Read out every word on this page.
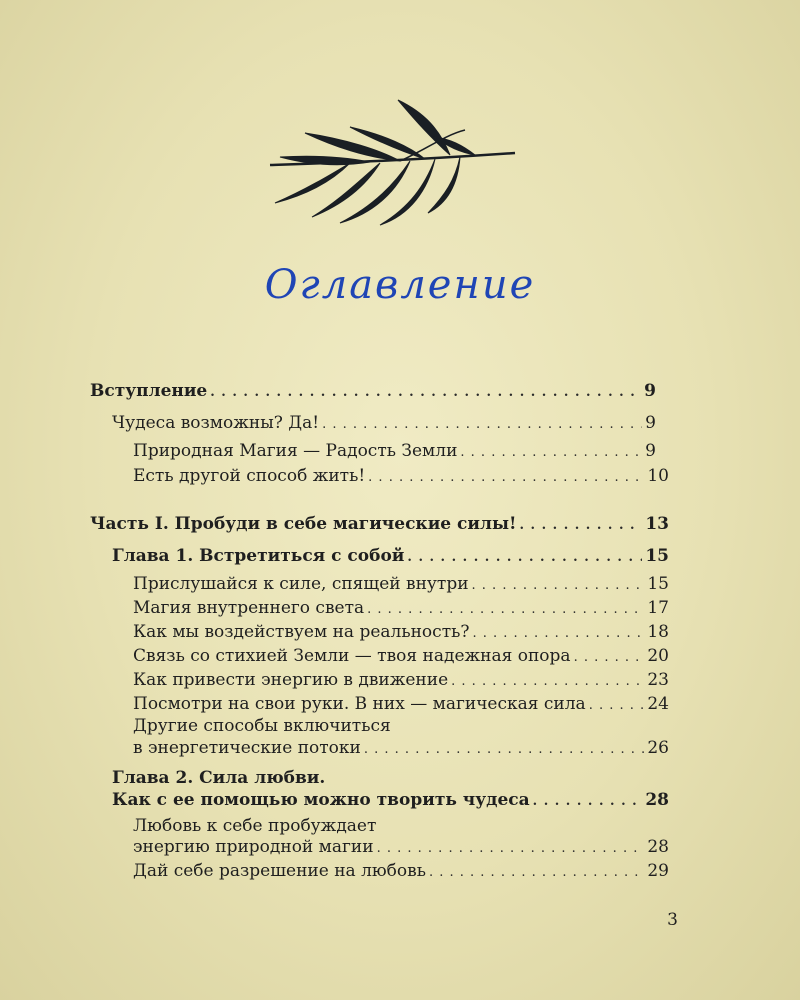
Оглавление
Вступление . . .	9
Чудеса возможны? Да! . . .	9
Природная Магия — Радость Земли . . .	9
Есть другой способ жить! . . .	10
Часть I. Пробуди в себе магические силы! . . .	13
Глава 1. Встретиться с собой . . .	15
Прислушайся к силе, спящей внутри . . .	15
Магия внутреннего света . . .	17
Как мы воздействуем на реальность? . . .	18
Связь со стихией Земли — твоя надежная опора . . .	20
Как привести энергию в движение . . .	23
Посмотри на свои руки. В них — магическая сила . . .	24
Другие способы включиться
в энергетические потоки . . .	26
Глава 2. Сила любви.
Как с ее помощью можно творить чудеса . . .	28
Любовь к себе пробуждает
энергию природной магии . . .	28
Дай себе разрешение на любовь . . .	29
3
